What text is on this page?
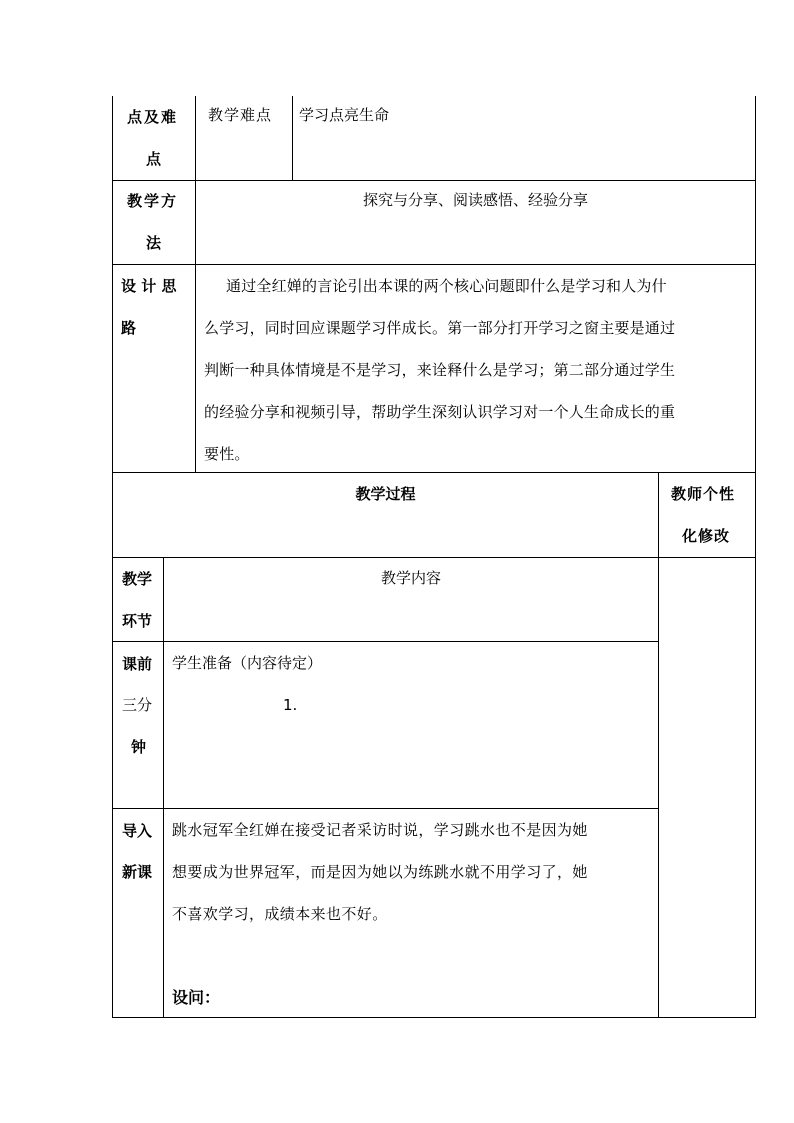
点及难
点
教学难点 学习点亮生命
教学方
法
探究与分享、阅读感悟、经验分享
设 计 思
路
通过全红婵的言论引出本课的两个核心问题即什么是学习和人为什
么学习，同时回应课题学习伴成长。第一部分打开学习之窗主要是通过
判断一种具体情境是不是学习，来诠释什么是学习；第二部分通过学生
的经验分享和视频引导，帮助学生深刻认识学习对一个人生命成长的重
要性。
教学过程	教师个性
化修改
教学
环节
教学内容
课前
三分
钟
学生准备（内容待定）
1.
导入
新课
跳水冠军全红婵在接受记者采访时说，学习跳水也不是因为她
想要成为世界冠军，而是因为她以为练跳水就不用学习了，她
不喜欢学习，成绩本来也不好。
设问：
